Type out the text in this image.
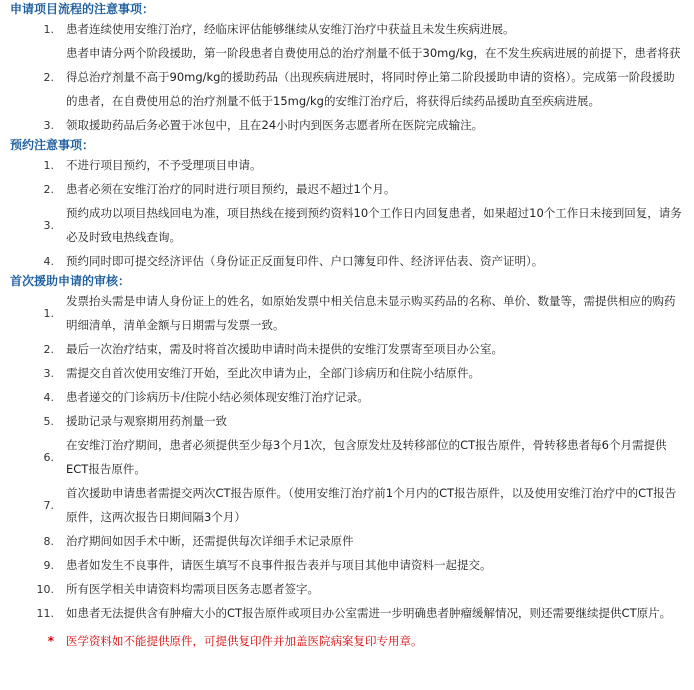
申请项目流程的注意事项：
1.	患者连续使用安维汀治疗，经临床评估能够继续从安维汀治疗中获益且未发生疾病进展。
2.
患者申请分两个阶段援助，第一阶段患者自费使用总的治疗剂量不低于30mg/kg，在不发生疾病进展的前提下，患者将获得总治疗剂量不高于90mg/kg的援助药品（出现疾病进展时，将同时停止第二阶段援助申请的资格）。完成第一阶段援助的患者，在自费使用总的治疗剂量不低于15mg/kg的安维汀治疗后，将获得后续药品援助直至疾病进展。
3.	领取援助药品后务必置于冰包中，且在24小时内到医务志愿者所在医院完成输注。
预约注意事项：
1.	不进行项目预约，不予受理项目申请。
2.	患者必须在安维汀治疗的同时进行项目预约，最迟不超过1个月。
3.
预约成功以项目热线回电为准，项目热线在接到预约资料10个工作日内回复患者，如果超过10个工作日未接到回复，请务必及时致电热线查询。
4.	预约同时即可提交经济评估（身份证正反面复印件、户口簿复印件、经济评估表、资产证明）。
首次援助申请的审核：
1.
发票抬头需是申请人身份证上的姓名，如原始发票中相关信息未显示购买药品的名称、单价、数量等，需提供相应的购药明细清单，清单金额与日期需与发票一致。
2.	最后一次治疗结束，需及时将首次援助申请时尚未提供的安维汀发票寄至项目办公室。
3.	需提交自首次使用安维汀开始，至此次申请为止，全部门诊病历和住院小结原件。
4.	患者递交的门诊病历卡/住院小结必须体现安维汀治疗记录。
5.	援助记录与观察期用药剂量一致
6.
在安维汀治疗期间，患者必须提供至少每3个月1次，包含原发灶及转移部位的CT报告原件，骨转移患者每6个月需提供ECT报告原件。
7.
首次援助申请患者需提交两次CT报告原件。（使用安维汀治疗前1个月内的CT报告原件，以及使用安维汀治疗中的CT报告原件，这两次报告日期间隔3个月）
8.	治疗期间如因手术中断，还需提供每次详细手术记录原件
9.	患者如发生不良事件，请医生填写不良事件报告表并与项目其他申请资料一起提交。
10.	所有医学相关申请资料均需项目医务志愿者签字。
11.	如患者无法提供含有肿瘤大小的CT报告原件或项目办公室需进一步明确患者肿瘤缓解情况，则还需要继续提供CT原片。
*	医学资料如不能提供原件，可提供复印件并加盖医院病案复印专用章。
